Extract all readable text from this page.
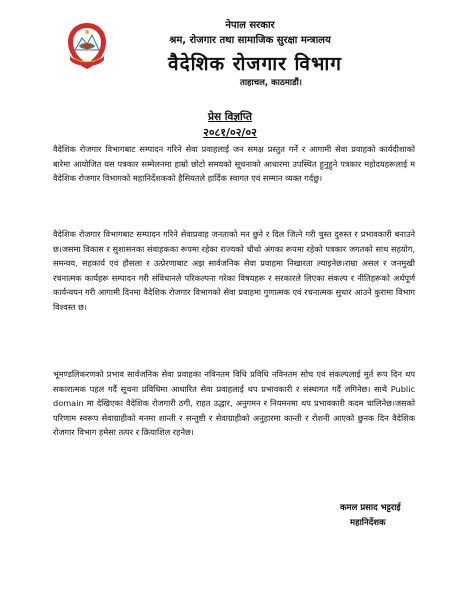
नेपाल सरकार
श्रम, रोजगार तथा सामाजिक सुरक्षा मन्त्रालय
वैदेशिक रोजगार विभाग
ताहाचल, काठमाडौं।
प्रेस विज्ञप्ति
२०८१/०२/०२

वैदेशिक रोजगार विभागबाट सम्पादन गरिने सेवा प्रवाहलाई जन समक्ष प्रस्तुत गर्ने र आगामी सेवा प्रवाहको कार्यदीशाको बारेमा आयोजित यस पत्रकार सम्मेलनमा हाम्रो छोटो समयको सूचनाको आधारमा उपस्थित हुनुहुने पत्रकार महोदयहरूलाई म वैदेशिक रोजगार विभागको महानिर्देशकको हैसियतले हार्दिक स्वागत एवं सम्मान व्यक्त गर्दछु।

वैदेशिक रोजगार विभागबाट सम्पादन गरिने सेवाप्रवाह जनताको मन छुने र दिल जित्ने गरी चुस्त दुरुस्त र प्रभावकारी बनाउने छ।जसमा विकास र सुशासनका संवाहकका रूपमा रहेका राज्यको चौथो अंगका रूपमा रहेको पत्रकार जगतको साथ सहयोग, समन्वय, सहकार्य एवं हौसला र उत्प्रेरणाबाट अझ सार्वजनिक सेवा प्रवाहमा निखारता ल्याइनेछ।राम्रा असल र जनमुखी रचनात्मक कार्यहरू सम्पादन गरी संविधानले परिकल्पना गरेका विषयहरू र सरकारले लिएका संकल्प र नीतिहरूको अर्थपूर्ण कार्यन्वयन गरी आगामी दिनमा वैदेशिक रोजगार विभागको सेवा प्रवाहमा गुणात्मक एवं रचनात्मक सुधार आउने कुरामा विभाग विश्वस्त छ।

भूमण्डलिकरणको प्रभाव सार्वजनिक सेवा प्रवाहका नविनतम विधि प्रविधि नविनतम सोच एवं संकल्पलाई मुर्त रूप दिन थप सकारात्मक पहल गर्दै सूचना प्रविधिमा आधारित सेवा प्रवाहलाई थप प्रभावकारी र संस्थागत गर्दै लगिनेछ। साथै Public domain मा देखिएका वैदेशिक रोजगारी ठगी, राहत उद्धार, अनुगमन र नियमनमा थप प्रभावकारी कदम चालिनेछ।जसको परिणाम स्वरूप सेवाग्राहीको मनमा शान्ती र सन्तुष्टी र सेवाग्राहीको अनुहारमा कान्ती र रोशनी आएको छुनक दिन वैदेशिक रोजगार विभाग हमेसा तत्पर र क्रियाशिल रहनेछ।

कमल प्रसाद भट्टराई
महानिर्देशक
